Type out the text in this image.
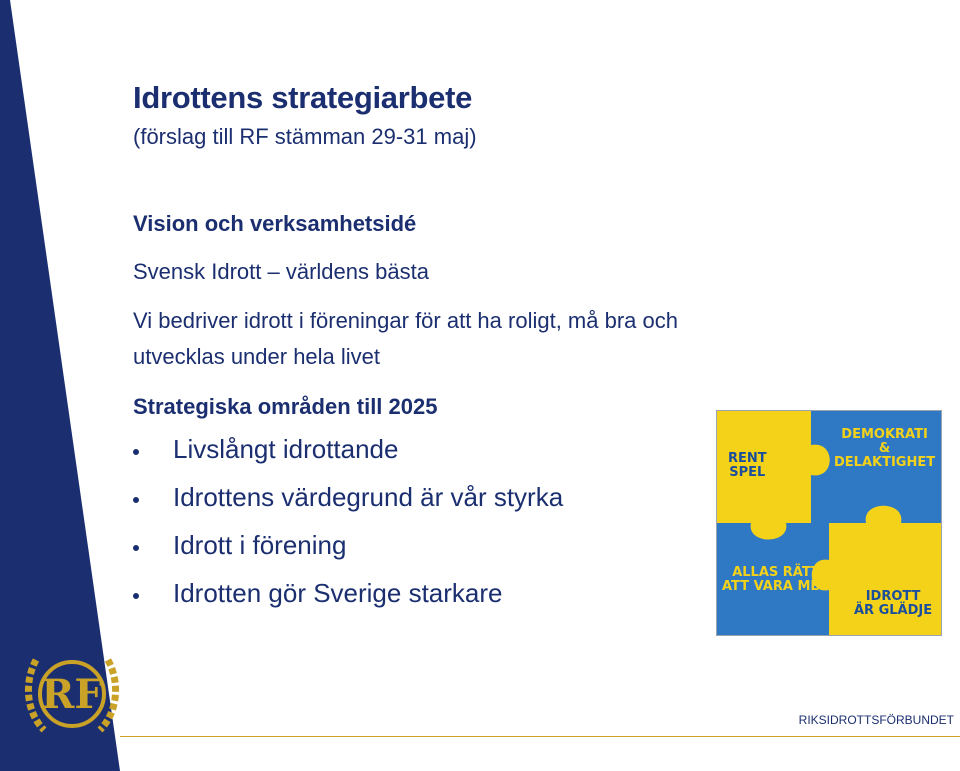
Idrottens strategiarbete
(förslag till RF stämman 29-31 maj)
Vision och verksamhetsidé
Svensk Idrott – världens bästa
Vi bedriver idrott i föreningar för att ha roligt, må bra och
utvecklas under hela livet
Strategiska områden till 2025
Livslångt idrottande
Idrottens värdegrund är vår styrka
Idrott i förening
Idrotten gör Sverige starkare
RENT
SPEL
DEMOKRATI
&
DELAKTIGHET
ALLAS RÄTT
ATT VARA MED
IDROTT
ÄR GLÄDJE
RF
RIKSIDROTTSFÖRBUNDET
